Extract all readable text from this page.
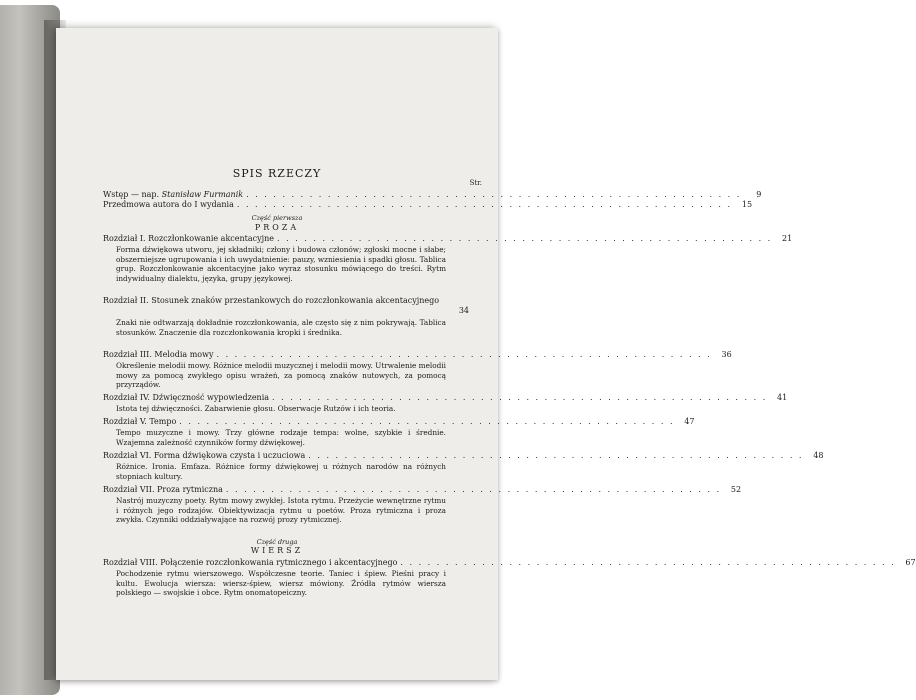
SPIS RZECZY
Str.
Wstęp — nap. Stanisław Furmanik . . .	9
Przedmowa autora do I wydania . . .	15
Część pierwsza
PROZA
Rozdział I. Rozczłonkowanie akcentacyjne . . .	21
Forma dźwiękowa utworu, jej składniki; człony i budowa członów; zgłoski mocne i słabe; obszerniejsze ugrupowania i ich uwydatnienie: pauzy, wzniesienia i spadki głosu. Tablica grup. Rozczłonkowanie akcentacyjne jako wyraz stosunku mówiącego do treści. Rytm indywidualny dialektu, języka, grupy językowej.
Rozdział II. Stosunek znaków przestankowych do rozczłonkowania akcentacyjnego
34
Znaki nie odtwarzają dokładnie rozczłonkowania, ale często się z nim pokrywają. Tablica stosunków. Znaczenie dla rozczłonkowania kropki i średnika.
Rozdział III. Melodia mowy . . .	36
Określenie melodii mowy. Różnice melodii muzycznej i melodii mowy. Utrwalenie melodii mowy za pomocą zwykłego opisu wrażeń, za pomocą znaków nutowych, za pomocą przyrządów.
Rozdział IV. Dźwięczność wypowiedzenia . . .	41
Istota tej dźwięczności. Zabarwienie głosu. Obserwacje Rutzów i ich teoria.
Rozdział V. Tempo . . .	47
Tempo muzyczne i mowy. Trzy główne rodzaje tempa: wolne, szybkie i średnie. Wzajemna zależność czynników formy dźwiękowej.
Rozdział VI. Forma dźwiękowa czysta i uczuciowa . . .	48
Różnice. Ironia. Emfaza. Różnice formy dźwiękowej u różnych narodów na różnych stopniach kultury.
Rozdział VII. Proza rytmiczna . . .	52
Nastrój muzyczny poety. Rytm mowy zwykłej. Istota rytmu. Przeżycie wewnętrzne rytmu i różnych jego rodzajów. Obiektywizacja rytmu u poetów. Proza rytmiczna i proza zwykła. Czynniki oddziaływające na rozwój prozy rytmicznej.
Część druga
WIERSZ
Rozdział VIII. Połączenie rozczłonkowania rytmicznego i akcentacyjnego . . .	67
Pochodzenie rytmu wierszowego. Współczesne teorie. Taniec i śpiew. Pieśni pracy i kultu. Ewolucja wiersza: wiersz-śpiew, wiersz mówiony. Źródła rytmów wiersza polskiego — swojskie i obce. Rytm onomatopeiczny.
